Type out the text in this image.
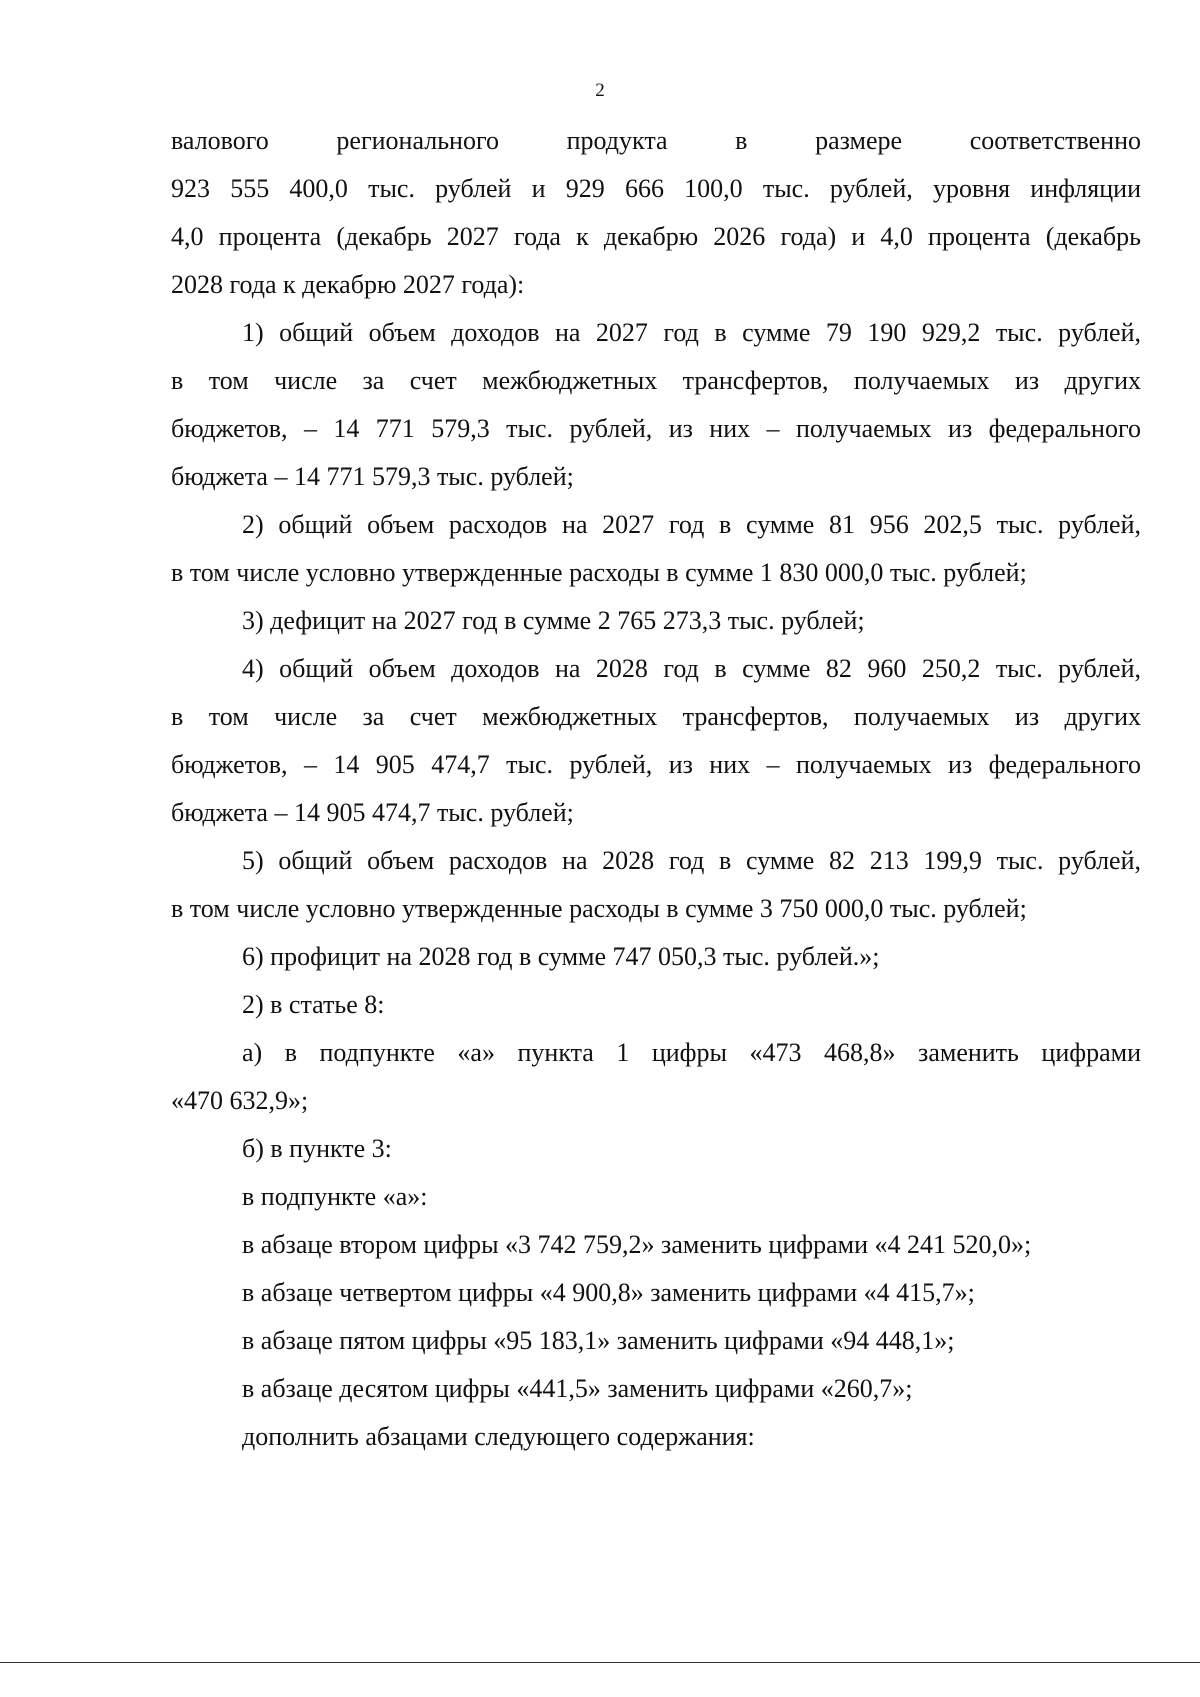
2
валового регионального продукта в размере соответственно
923 555 400,0 тыс. рублей и 929 666 100,0 тыс. рублей, уровня инфляции
4,0 процента (декабрь 2027 года к декабрю 2026 года) и 4,0 процента (декабрь
2028 года к декабрю 2027 года):
1) общий объем доходов на 2027 год в сумме 79 190 929,2 тыс. рублей,
в том числе за счет межбюджетных трансфертов, получаемых из других
бюджетов, – 14 771 579,3 тыс. рублей, из них – получаемых из федерального
бюджета – 14 771 579,3 тыс. рублей;
2) общий объем расходов на 2027 год в сумме 81 956 202,5 тыс. рублей,
в том числе условно утвержденные расходы в сумме 1 830 000,0 тыс. рублей;
3) дефицит на 2027 год в сумме 2 765 273,3 тыс. рублей;
4) общий объем доходов на 2028 год в сумме 82 960 250,2 тыс. рублей,
в том числе за счет межбюджетных трансфертов, получаемых из других
бюджетов, – 14 905 474,7 тыс. рублей, из них – получаемых из федерального
бюджета – 14 905 474,7 тыс. рублей;
5) общий объем расходов на 2028 год в сумме 82 213 199,9 тыс. рублей,
в том числе условно утвержденные расходы в сумме 3 750 000,0 тыс. рублей;
6) профицит на 2028 год в сумме 747 050,3 тыс. рублей.»;
2) в статье 8:
а) в подпункте «а» пункта 1 цифры «473 468,8» заменить цифрами
«470 632,9»;
б) в пункте 3:
в подпункте «а»:
в абзаце втором цифры «3 742 759,2» заменить цифрами «4 241 520,0»;
в абзаце четвертом цифры «4 900,8» заменить цифрами «4 415,7»;
в абзаце пятом цифры «95 183,1» заменить цифрами «94 448,1»;
в абзаце десятом цифры «441,5» заменить цифрами «260,7»;
дополнить абзацами следующего содержания:
